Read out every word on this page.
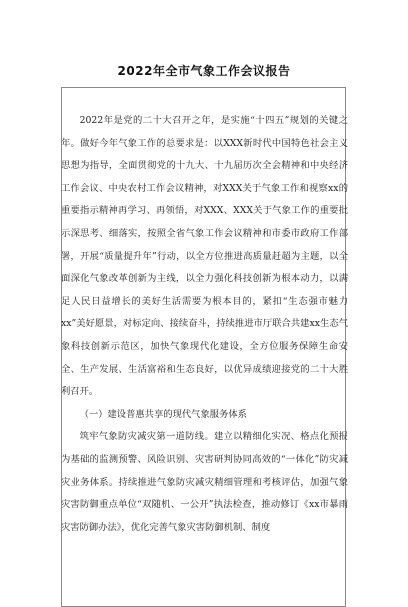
2022年全市气象工作会议报告

2022年是党的二十大召开之年，是实施“十四五”规划的关键之年。做好今年气象工作的总要求是：以XXX新时代中国特色社会主义思想为指导，全面贯彻党的十九大、十九届历次全会精神和中央经济工作会议、中央农村工作会议精神，对XXX关于气象工作和视察xx的重要指示精神再学习、再领悟，对XXX、XXX关于气象工作的重要批示深思考、细落实，按照全省气象工作会议精神和市委市政府工作部署，开展“质量提升年”行动，以全方位推进高质量赶超为主题，以全面深化气象改革创新为主线，以全力强化科技创新为根本动力，以满足人民日益增长的美好生活需要为根本目的，紧扣“生态强市魅力xx”美好愿景，对标定向、接续奋斗，持续推进市厅联合共建xx生态气象科技创新示范区，加快气象现代化建设，全方位服务保障生命安全、生产发展、生活富裕和生态良好，以优异成绩迎接党的二十大胜利召开。

（一）建设普惠共享的现代气象服务体系

筑牢气象防灾减灾第一道防线。建立以精细化实况、格点化预报为基础的监测预警、风险识别、灾害研判协同高效的“一体化”防灾减灾业务体系。持续推进气象防灾减灾精细管理和考核评估，加强气象灾害防御重点单位“双随机、一公开”执法检查，推动修订《xx市暴雨灾害防御办法》，优化完善气象灾害防御机制、制度
